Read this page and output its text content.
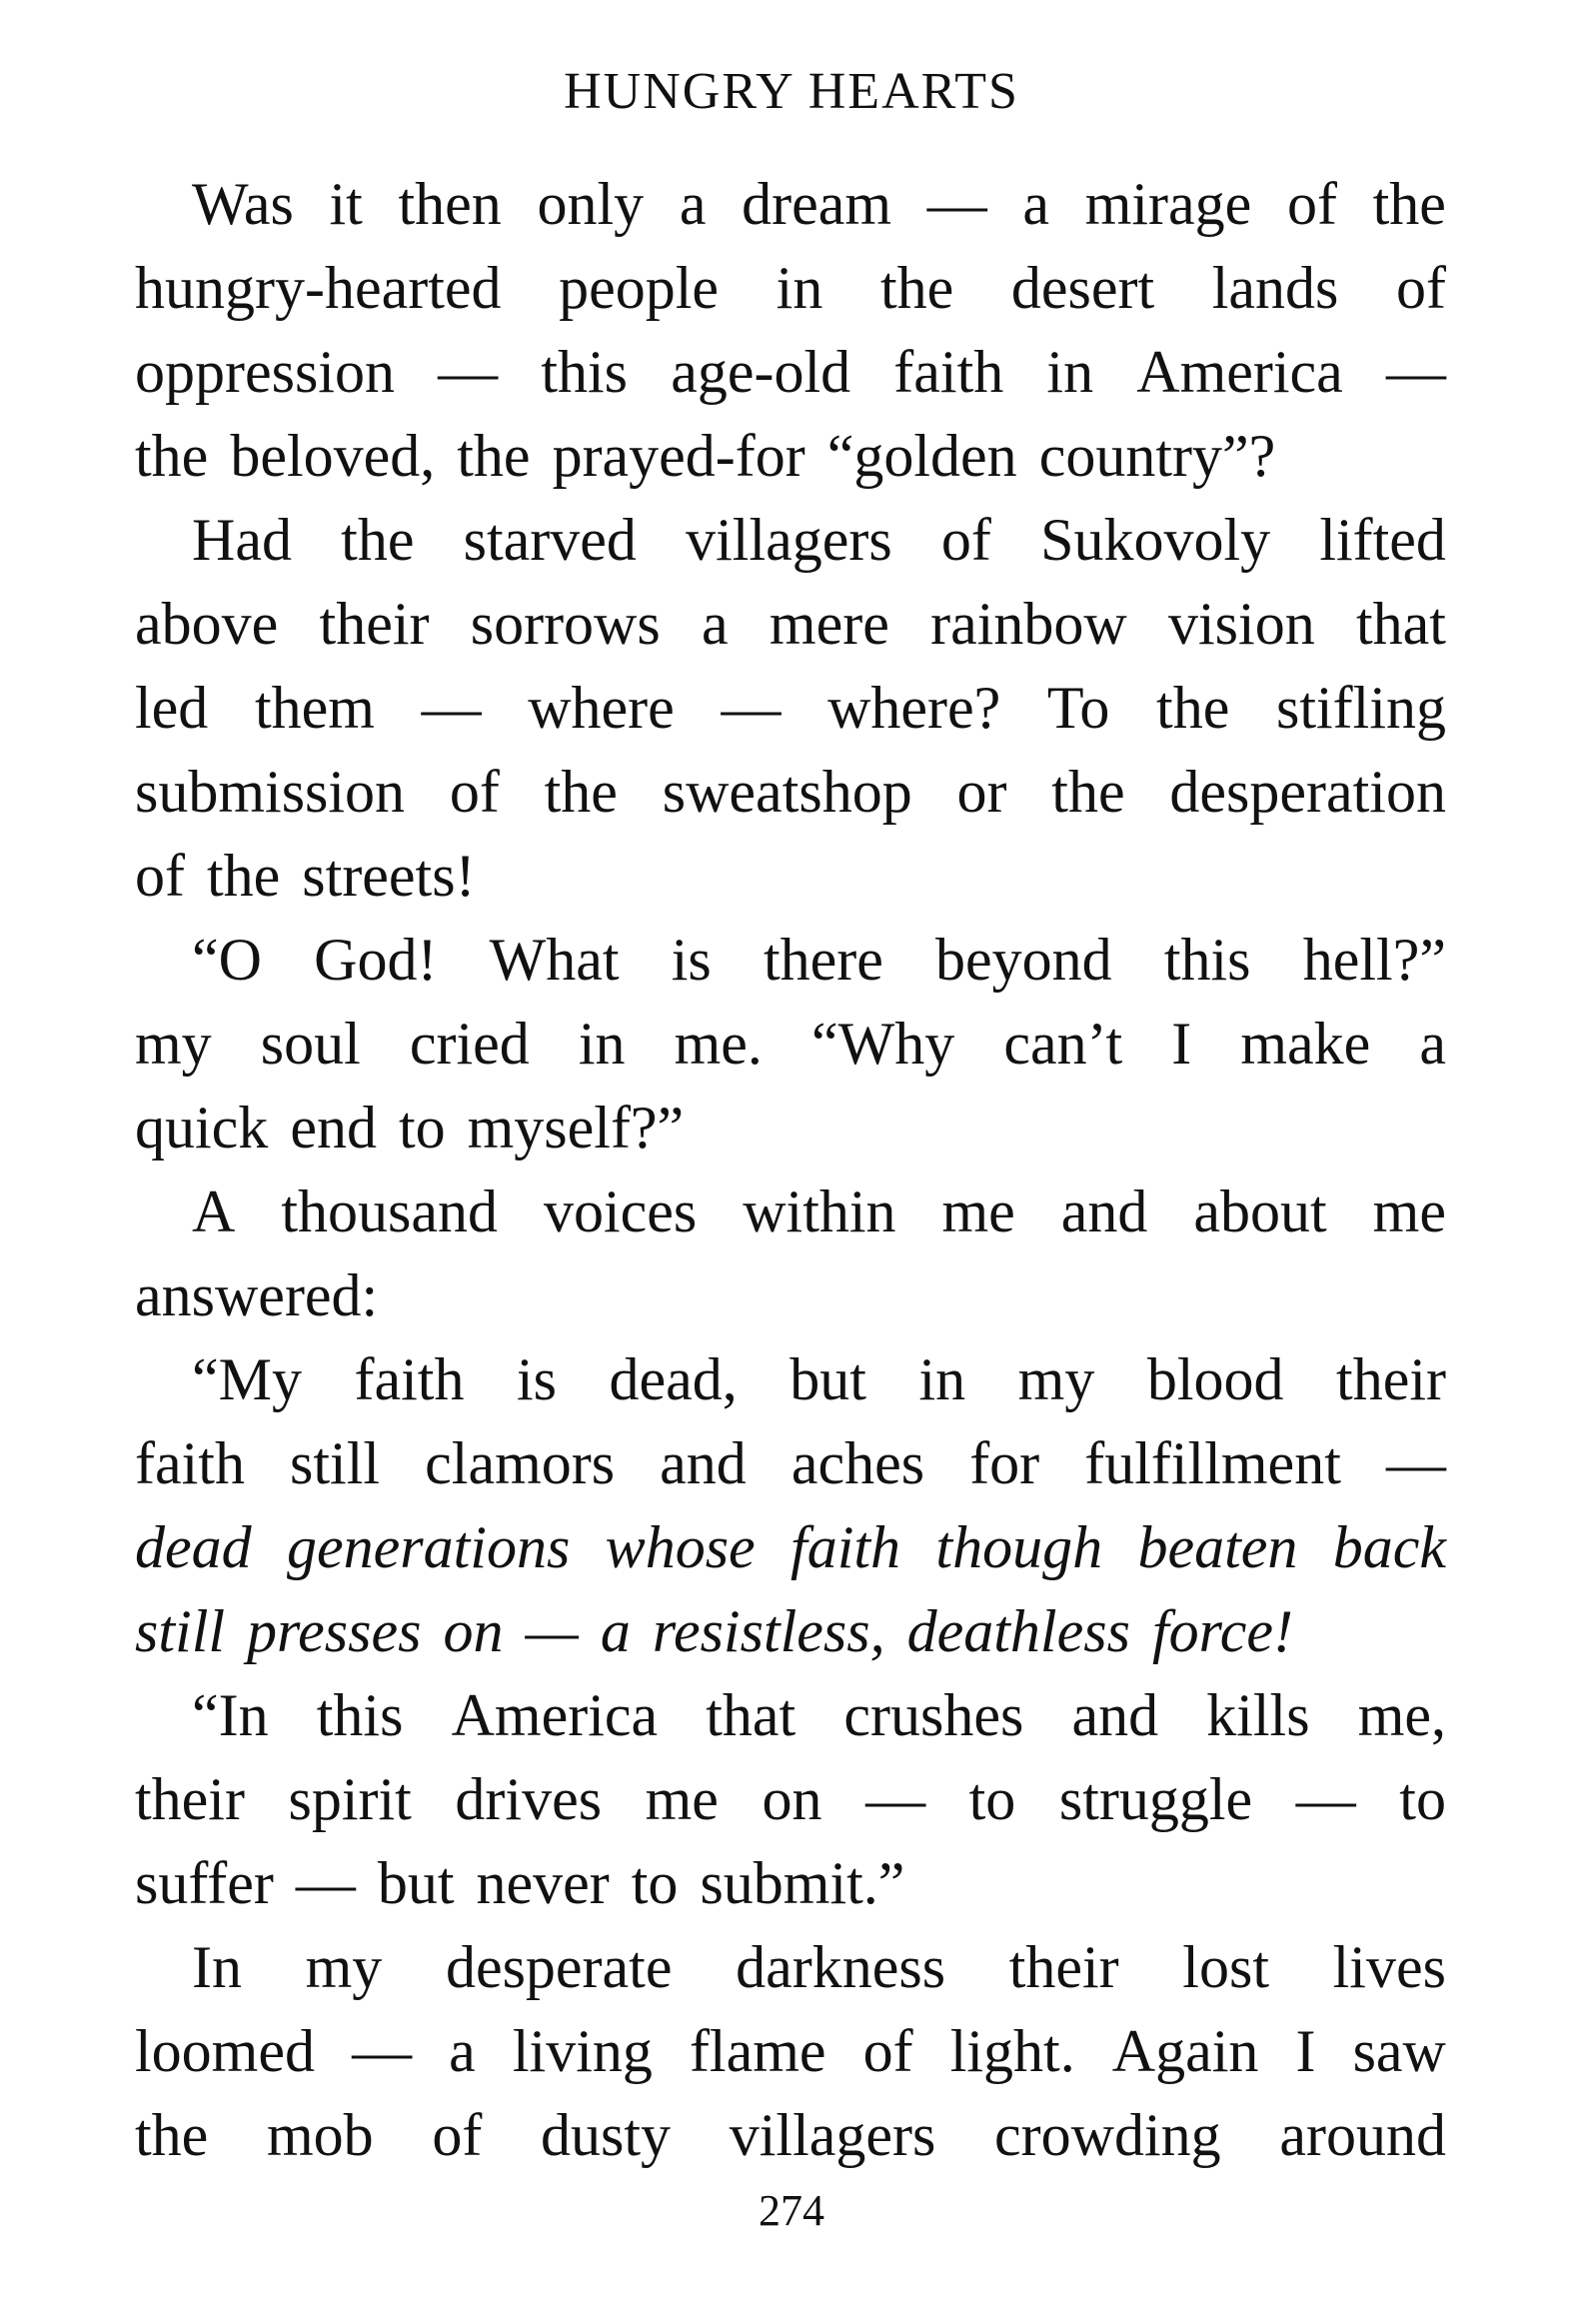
HUNGRY HEARTS
Was it then only a dream — a mirage of the
hungry-hearted people in the desert lands of
oppression — this age-old faith in America —
the beloved, the prayed-for “golden country”?
Had the starved villagers of Sukovoly lifted
above their sorrows a mere rainbow vision that
led them — where — where? To the stifling
submission of the sweatshop or the desperation
of the streets!
“O God! What is there beyond this hell?”
my soul cried in me. “Why can’t I make a
quick end to myself?”
A thousand voices within me and about me
answered:
“My faith is dead, but in my blood their
faith still clamors and aches for fulfillment —
dead generations whose faith though beaten back
still presses on — a resistless, deathless force!
“In this America that crushes and kills me,
their spirit drives me on — to struggle — to
suffer — but never to submit.”
In my desperate darkness their lost lives
loomed — a living flame of light. Again I saw
the mob of dusty villagers crowding around
274
